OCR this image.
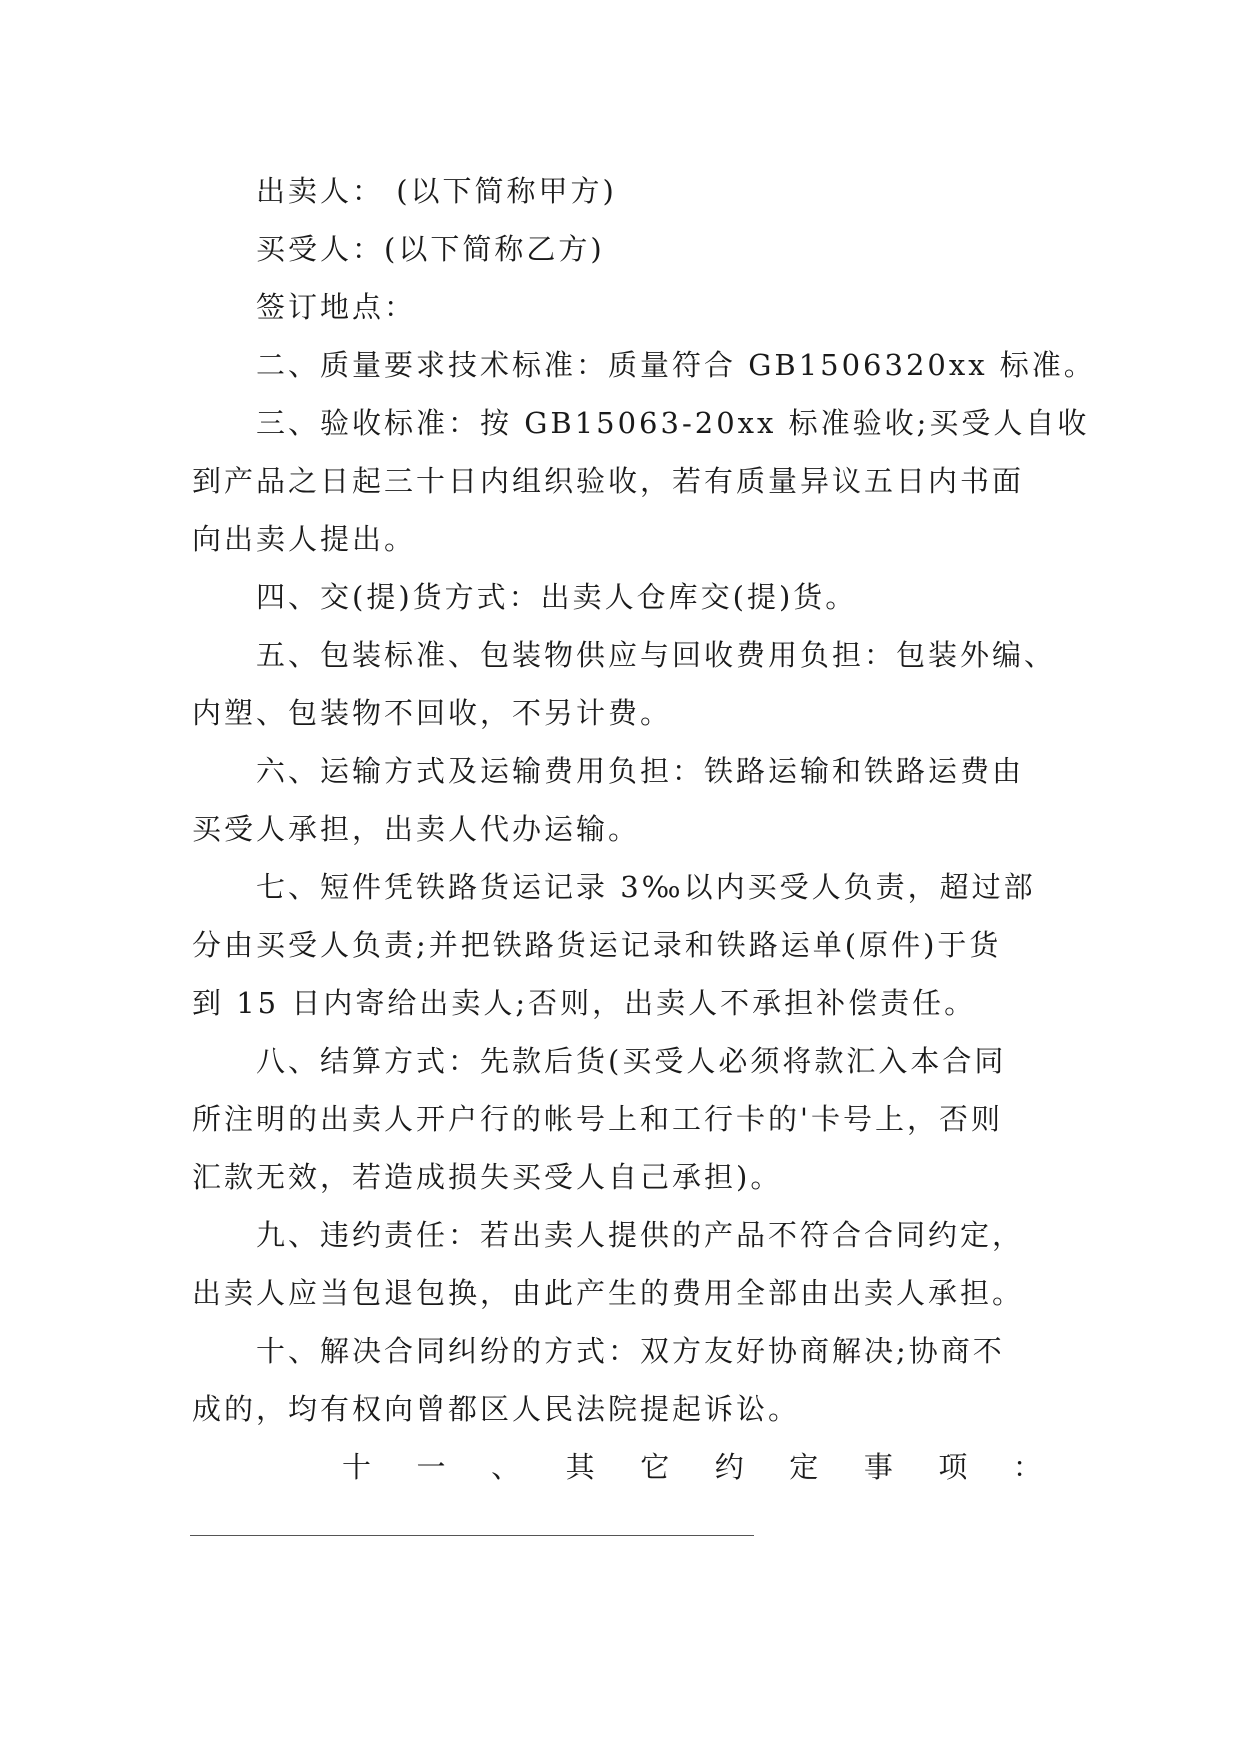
出卖人： (以下简称甲方)
买受人：(以下简称乙方)
签订地点：
二、质量要求技术标准：质量符合 GB1506320xx 标准。
三、验收标准：按 GB15063-20xx 标准验收;买受人自收
到产品之日起三十日内组织验收，若有质量异议五日内书面
向出卖人提出。
四、交(提)货方式：出卖人仓库交(提)货。
五、包装标准、包装物供应与回收费用负担：包装外编、
内塑、包装物不回收，不另计费。
六、运输方式及运输费用负担：铁路运输和铁路运费由
买受人承担，出卖人代办运输。
七、短件凭铁路货运记录 3‰以内买受人负责，超过部
分由买受人负责;并把铁路货运记录和铁路运单(原件)于货
到 15 日内寄给出卖人;否则，出卖人不承担补偿责任。
八、结算方式：先款后货(买受人必须将款汇入本合同
所注明的出卖人开户行的帐号上和工行卡的'卡号上，否则
汇款无效，若造成损失买受人自己承担)。
九、违约责任：若出卖人提供的产品不符合合同约定，
出卖人应当包退包换，由此产生的费用全部由出卖人承担。
十、解决合同纠纷的方式：双方友好协商解决;协商不
成的，均有权向曾都区人民法院提起诉讼。
十 一 、 其 它 约 定 事 项 ：
